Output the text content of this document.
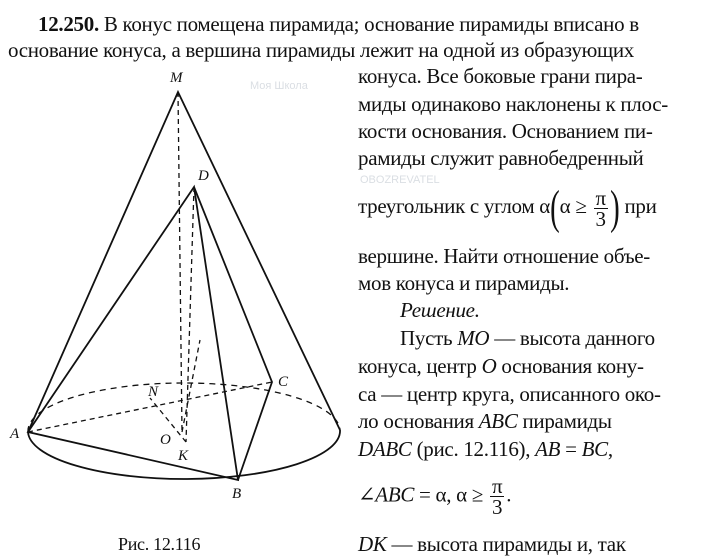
12.250. В конус помещена пирамида; основание пирамиды вписано в
основание конуса, а вершина пирамиды лежит на одной из образующих
конуса. Все боковые грани пира-
миды одинаково наклонены к плос-
кости основания. Основанием пи-
рамиды служит равнобедренный
треугольник с углом $\alpha(\alpha \ge \frac{\pi}{3}$ ) при
вершине. Найти отношение объе-
мов конуса и пирамиды.
Решение.
Пусть MO — высота данного
конуса, центр O основания кону-
са — центр круга, описанного око-
ло основания ABC пирамиды
DABC (рис. 12.116), AB = BC,
∠ABC = α, $\alpha \ge \frac{\pi}{3}$ .
DK — высота пирамиды и, так
M
D
N
O
K
A
B
C
Рис. 12.116
Моя Школа
OBOZREVATEL
